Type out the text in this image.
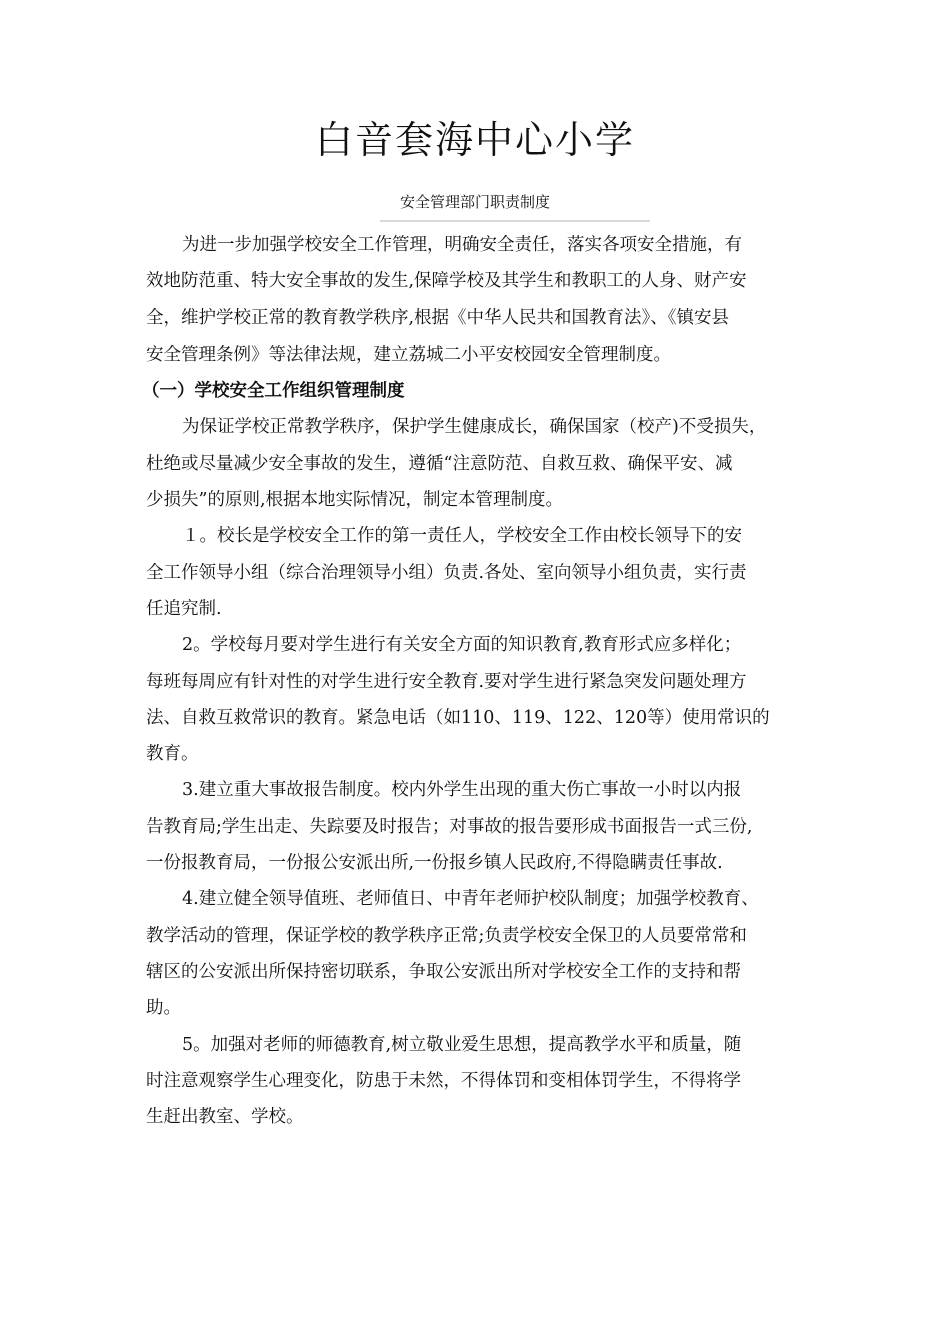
白音套海中心小学
安全管理部门职责制度
为进一步加强学校安全工作管理，明确安全责任，落实各项安全措施，有
效地防范重、特大安全事故的发生,保障学校及其学生和教职工的人身、财产安
全，维护学校正常的教育教学秩序,根据《中华人民共和国教育法》、《镇安县
安全管理条例》等法律法规，建立荔城二小平安校园安全管理制度。
（一）学校安全工作组织管理制度
为保证学校正常教学秩序，保护学生健康成长，确保国家（校产)不受损失，
杜绝或尽量减少安全事故的发生，遵循“注意防范、自救互救、确保平安、减
少损失”的原则,根据本地实际情况，制定本管理制度。
１。校长是学校安全工作的第一责任人，学校安全工作由校长领导下的安
全工作领导小组（综合治理领导小组）负责.各处、室向领导小组负责，实行责
任追究制.
2。学校每月要对学生进行有关安全方面的知识教育,教育形式应多样化；
每班每周应有针对性的对学生进行安全教育.要对学生进行紧急突发问题处理方
法、自救互救常识的教育。紧急电话（如110、119、122、120等）使用常识的
教育。
3.建立重大事故报告制度。校内外学生出现的重大伤亡事故一小时以内报
告教育局;学生出走、失踪要及时报告；对事故的报告要形成书面报告一式三份,
一份报教育局，一份报公安派出所,一份报乡镇人民政府,不得隐瞒责任事故.
4.建立健全领导值班、老师值日、中青年老师护校队制度；加强学校教育、
教学活动的管理，保证学校的教学秩序正常;负责学校安全保卫的人员要常常和
辖区的公安派出所保持密切联系，争取公安派出所对学校安全工作的支持和帮
助。
5。加强对老师的师德教育,树立敬业爱生思想，提高教学水平和质量，随
时注意观察学生心理变化，防患于未然，不得体罚和变相体罚学生，不得将学
生赶出教室、学校。
